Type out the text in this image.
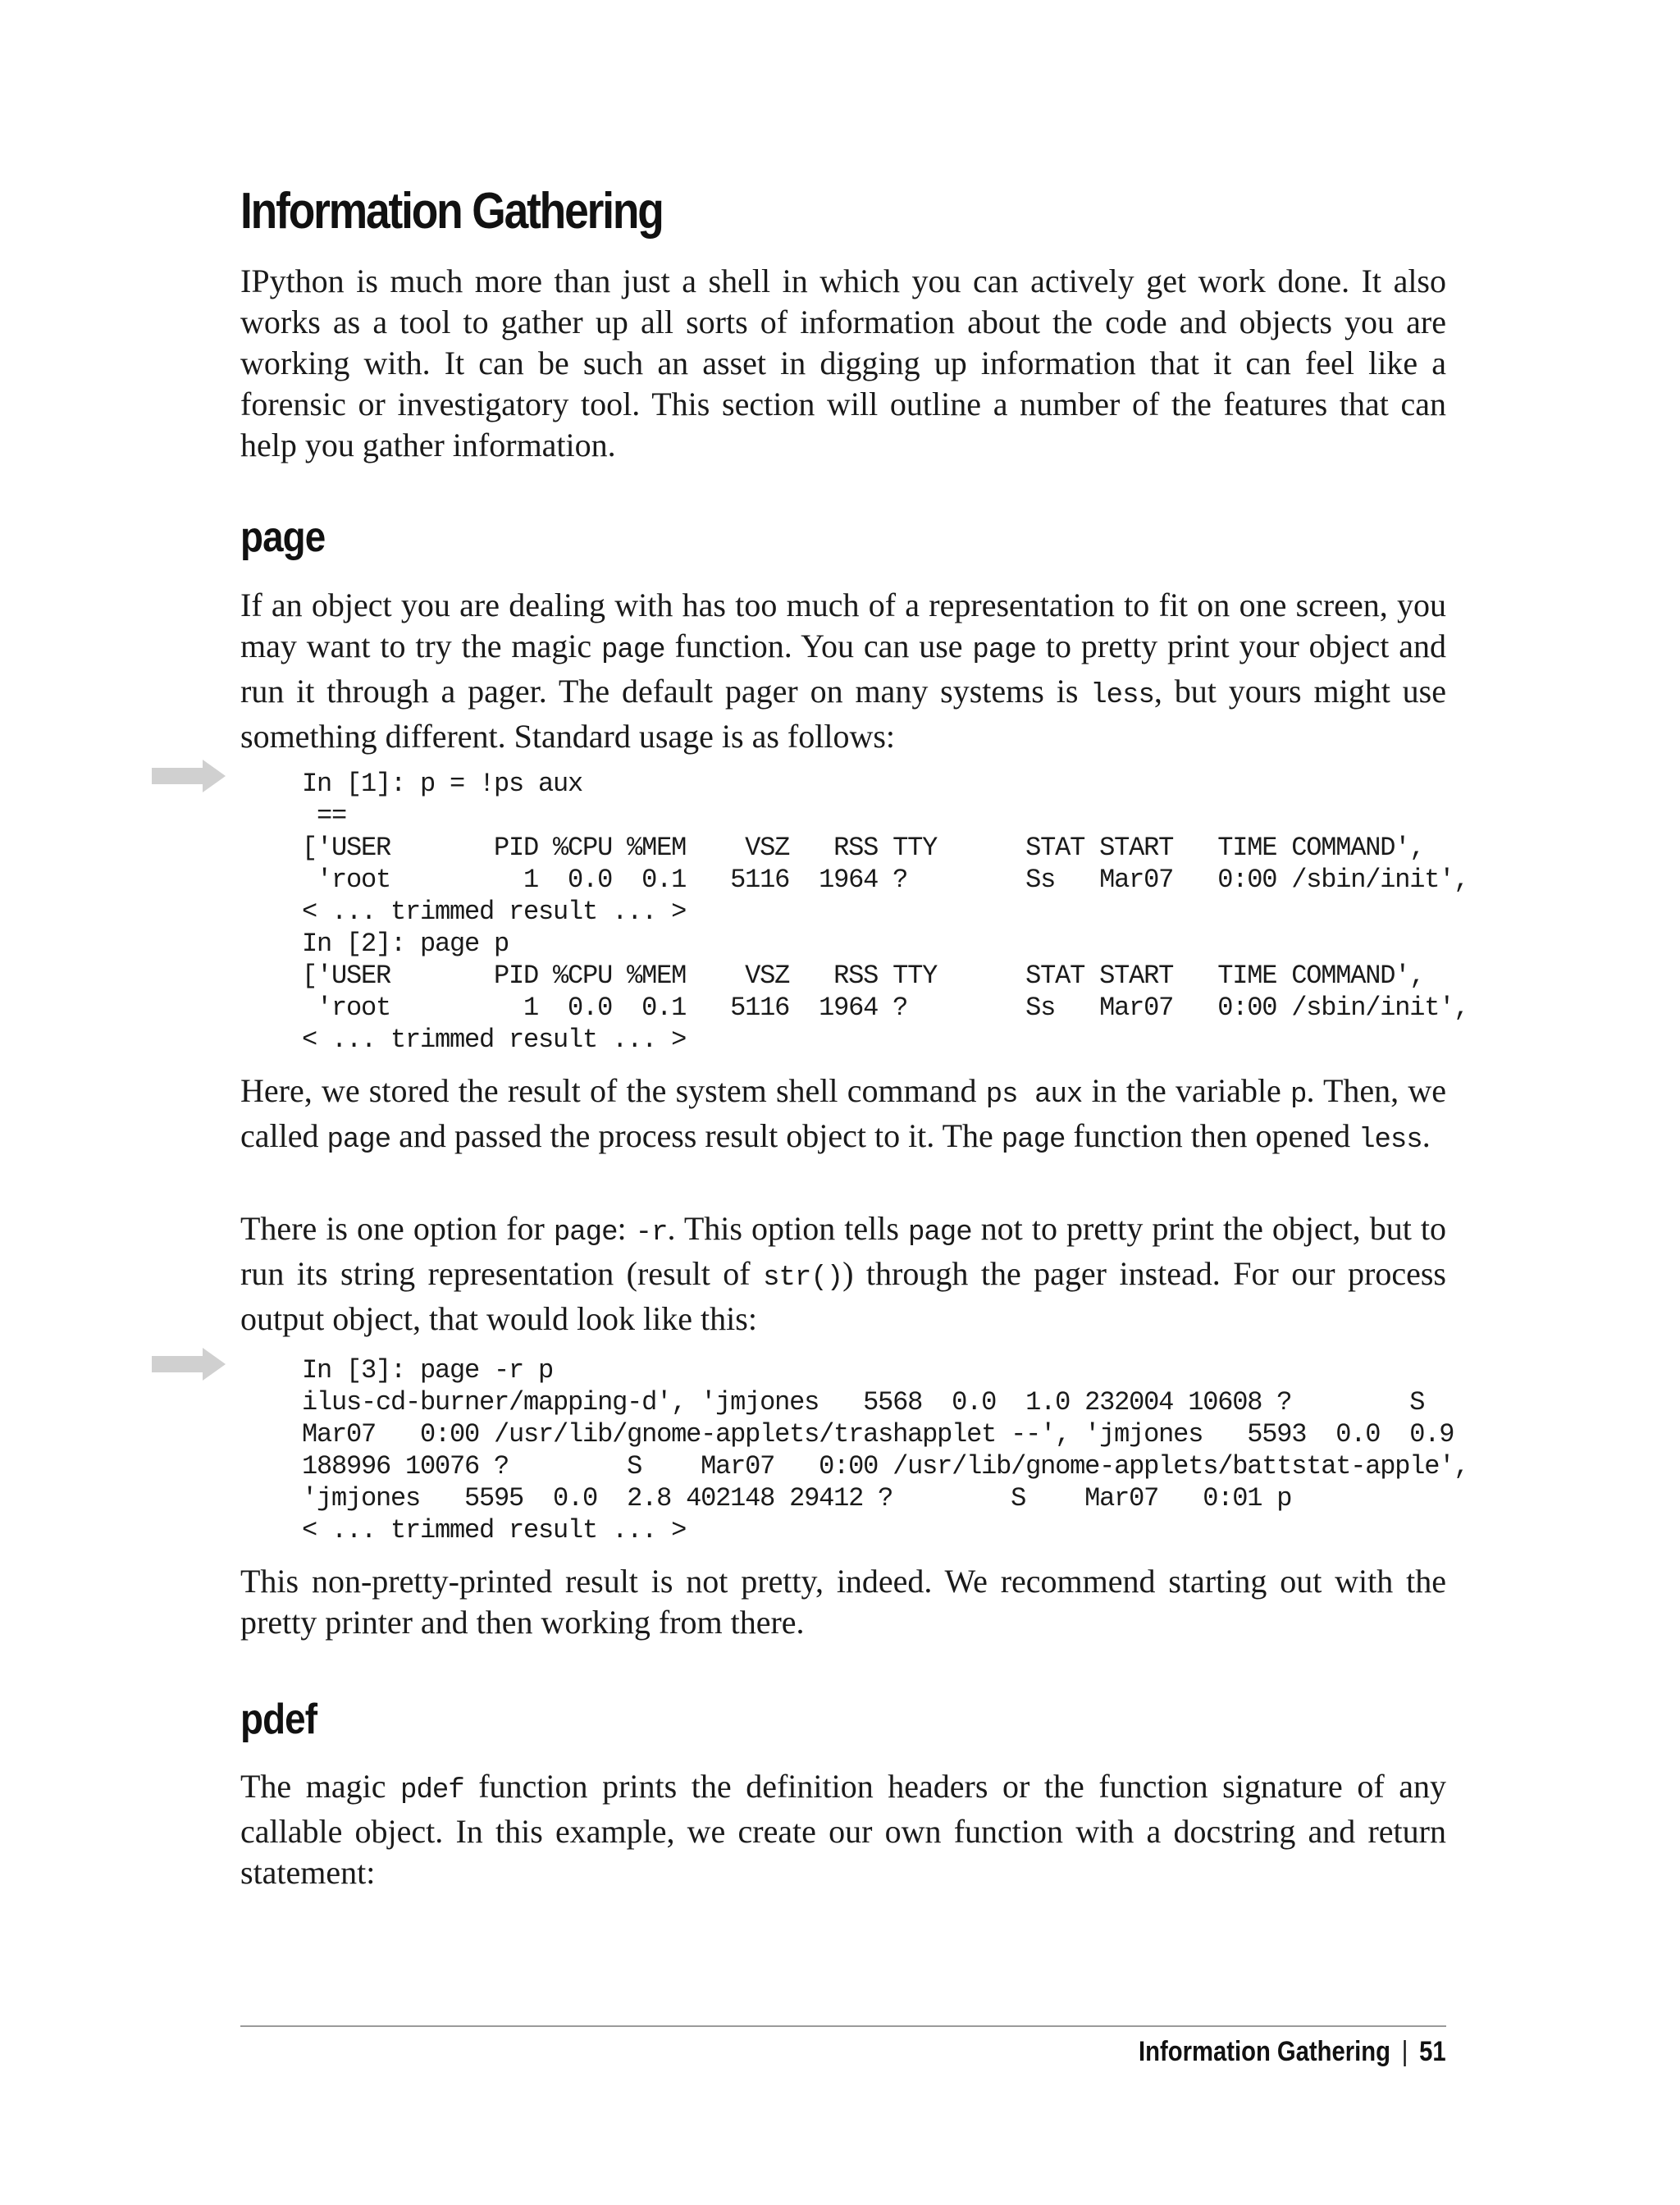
Information Gathering

IPython is much more than just a shell in which you can actively get work done. It also works as a tool to gather up all sorts of information about the code and objects you are working with. It can be such an asset in digging up information that it can feel like a forensic or investigatory tool. This section will outline a number of the features that can help you gather information.

page

If an object you are dealing with has too much of a representation to fit on one screen, you may want to try the magic page function. You can use page to pretty print your object and run it through a pager. The default pager on many systems is less, but yours might use something different. Standard usage is as follows:

In [1]: p = !ps aux
==
['USER       PID %CPU %MEM    VSZ   RSS TTY      STAT START   TIME COMMAND',
'root         1  0.0  0.1   5116  1964 ?        Ss   Mar07   0:00 /sbin/init',
< ... trimmed result ... >
In [2]: page p
['USER       PID %CPU %MEM    VSZ   RSS TTY      STAT START   TIME COMMAND',
'root         1  0.0  0.1   5116  1964 ?        Ss   Mar07   0:00 /sbin/init',
< ... trimmed result ... >

Here, we stored the result of the system shell command ps aux in the variable p. Then, we called page and passed the process result object to it. The page function then opened less.

There is one option for page: -r. This option tells page not to pretty print the object, but to run its string representation (result of str()) through the pager instead. For our process output object, that would look like this:

In [3]: page -r p
ilus-cd-burner/mapping-d', 'jmjones   5568  0.0  1.0 232004 10608 ?        S
Mar07   0:00 /usr/lib/gnome-applets/trashapplet --', 'jmjones   5593  0.0  0.9
188996 10076 ?        S    Mar07   0:00 /usr/lib/gnome-applets/battstat-apple',
'jmjones   5595  0.0  2.8 402148 29412 ?        S    Mar07   0:01 p
< ... trimmed result ... >

This non-pretty-printed result is not pretty, indeed. We recommend starting out with the pretty printer and then working from there.

pdef

The magic pdef function prints the definition headers or the function signature of any callable object. In this example, we create our own function with a docstring and return statement:

Information Gathering | 51
